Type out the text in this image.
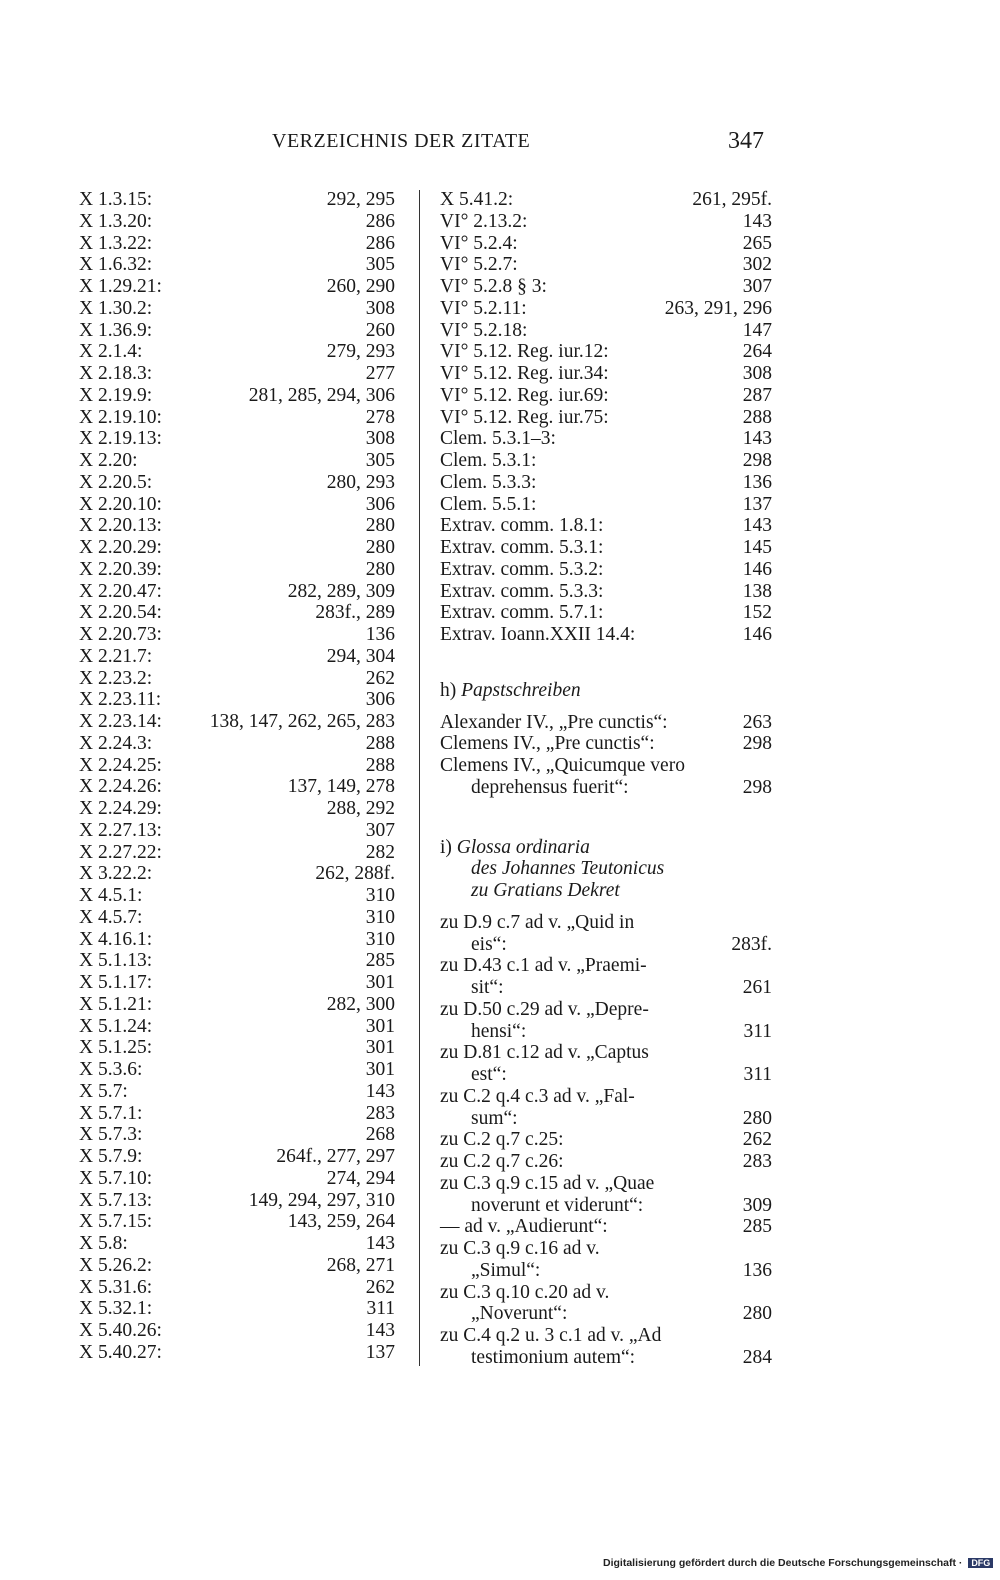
VERZEICHNIS DER ZITATE	347
X 1.3.15:	292, 295
X 1.3.20:	286
X 1.3.22:	286
X 1.6.32:	305
X 1.29.21:	260, 290
X 1.30.2:	308
X 1.36.9:	260
X 2.1.4:	279, 293
X 2.18.3:	277
X 2.19.9:	281, 285, 294, 306
X 2.19.10:	278
X 2.19.13:	308
X 2.20:	305
X 2.20.5:	280, 293
X 2.20.10:	306
X 2.20.13:	280
X 2.20.29:	280
X 2.20.39:	280
X 2.20.47:	282, 289, 309
X 2.20.54:	283f., 289
X 2.20.73:	136
X 2.21.7:	294, 304
X 2.23.2:	262
X 2.23.11:	306
X 2.23.14: 138, 147, 262, 265, 283
X 2.24.3:	288
X 2.24.25:	288
X 2.24.26:	137, 149, 278
X 2.24.29:	288, 292
X 2.27.13:	307
X 2.27.22:	282
X 3.22.2:	262, 288f.
X 4.5.1:	310
X 4.5.7:	310
X 4.16.1:	310
X 5.1.13:	285
X 5.1.17:	301
X 5.1.21:	282, 300
X 5.1.24:	301
X 5.1.25:	301
X 5.3.6:	301
X 5.7:	143
X 5.7.1:	283
X 5.7.3:	268
X 5.7.9:	264f., 277, 297
X 5.7.10:	274, 294
X 5.7.13:	149, 294, 297, 310
X 5.7.15:	143, 259, 264
X 5.8:	143
X 5.26.2:	268, 271
X 5.31.6:	262
X 5.32.1:	311
X 5.40.26:	143
X 5.40.27:	137
X 5.41.2:	261, 295f.
VI° 2.13.2:	143
VI° 5.2.4:	265
VI° 5.2.7:	302
VI° 5.2.8 § 3:	307
VI° 5.2.11:	263, 291, 296
VI° 5.2.18:	147
VI° 5.12. Reg. iur.12:	264
VI° 5.12. Reg. iur.34:	308
VI° 5.12. Reg. iur.69:	287
VI° 5.12. Reg. iur.75:	288
Clem. 5.3.1–3:	143
Clem. 5.3.1:	298
Clem. 5.3.3:	136
Clem. 5.5.1:	137
Extrav. comm. 1.8.1:	143
Extrav. comm. 5.3.1:	145
Extrav. comm. 5.3.2:	146
Extrav. comm. 5.3.3:	138
Extrav. comm. 5.7.1:	152
Extrav. Ioann.XXII 14.4:	146
h) Papstschreiben
Alexander IV., „Pre cunctis“:	263
Clemens IV., „Pre cunctis“:	298
Clemens IV., „Quicumque vero
deprehensus fuerit“:	298
i) Glossa ordinaria
des Johannes Teutonicus
zu Gratians Dekret
zu D.9 c.7 ad v. „Quid in
eis“:	283f.
zu D.43 c.1 ad v. „Praemi-
sit“:	261
zu D.50 c.29 ad v. „Depre-
hensi“:	311
zu D.81 c.12 ad v. „Captus
est“:	311
zu C.2 q.4 c.3 ad v. „Fal-
sum“:	280
zu C.2 q.7 c.25:	262
zu C.2 q.7 c.26:	283
zu C.3 q.9 c.15 ad v. „Quae
noverunt et viderunt“:	309
— ad v. „Audierunt“:	285
zu C.3 q.9 c.16 ad v.
„Simul“:	136
zu C.3 q.10 c.20 ad v.
„Noverunt“:	280
zu C.4 q.2 u. 3 c.1 ad v. „Ad
testimonium autem“:	284
Digitalisierung gefördert durch die Deutsche Forschungsgemeinschaft · DFG
